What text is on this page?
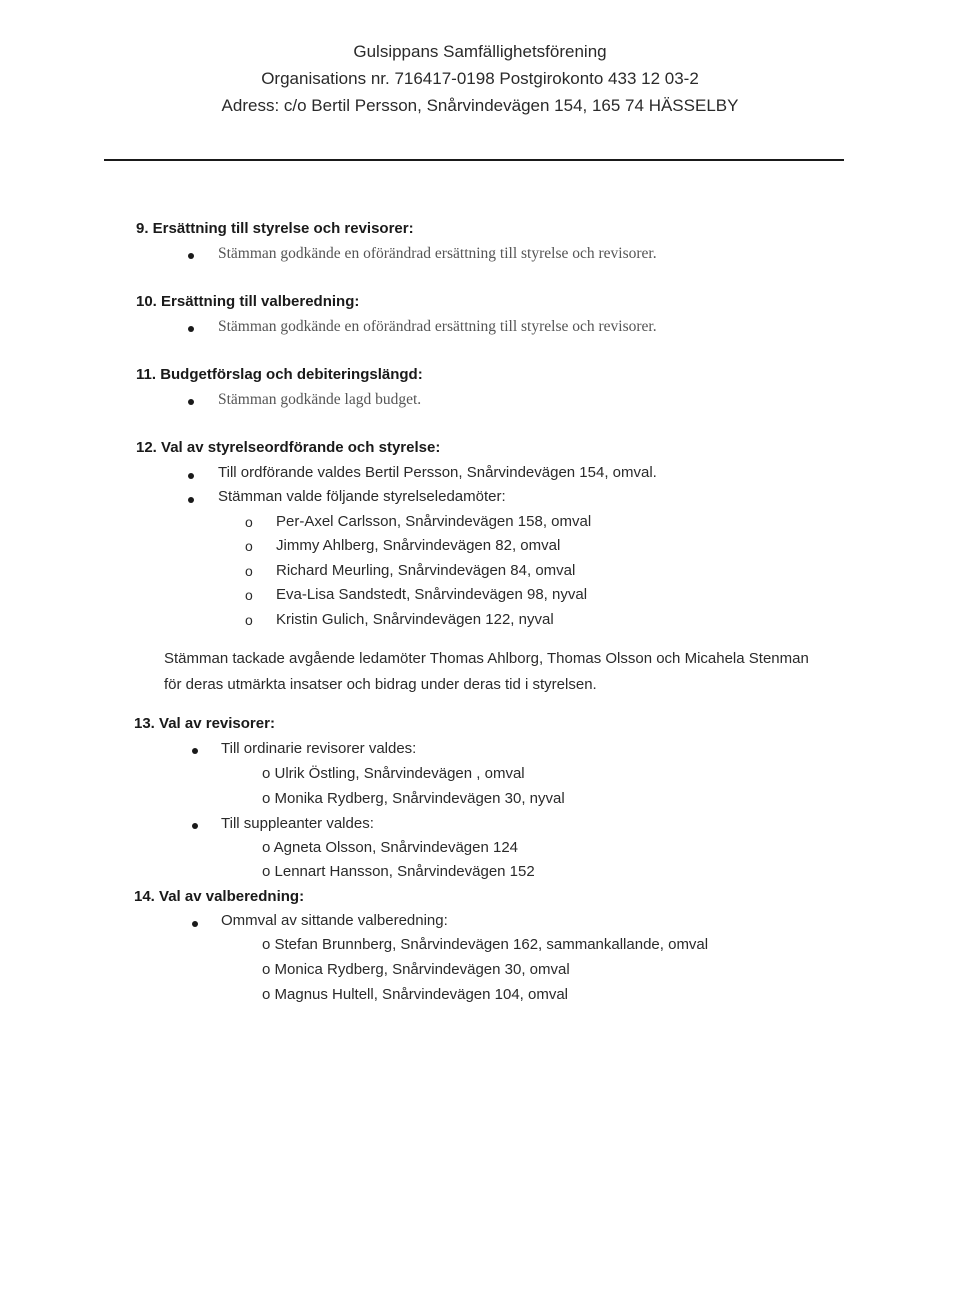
Gulsippans Samfällighetsförening
Organisations nr. 716417-0198 Postgirokonto 433 12 03-2
Adress: c/o Bertil Persson, Snårvindevägen 154, 165 74 HÄSSELBY
9. Ersättning till styrelse och revisorer:
Stämman godkände en oförändrad ersättning till styrelse och revisorer.
10. Ersättning till valberedning:
Stämman godkände en oförändrad ersättning till styrelse och revisorer.
11. Budgetförslag och debiteringslängd:
Stämman godkände lagd budget.
12. Val av styrelseordförande och styrelse:
Till ordförande valdes Bertil Persson, Snårvindevägen 154, omval.
Stämman valde följande styrelseledamöter:
o Per-Axel Carlsson, Snårvindevägen 158, omval
o Jimmy Ahlberg, Snårvindevägen 82, omval
o Richard Meurling, Snårvindevägen 84, omval
o Eva-Lisa Sandstedt, Snårvindevägen 98, nyval
o Kristin Gulich, Snårvindevägen 122, nyval
Stämman tackade avgående ledamöter Thomas Ahlborg, Thomas Olsson och Micahela Stenman
för deras utmärkta insatser och bidrag under deras tid i styrelsen.
13. Val av revisorer:
Till ordinarie revisorer valdes:
o Ulrik Östling, Snårvindevägen , omval
o Monika Rydberg, Snårvindevägen 30, nyval
Till suppleanter valdes:
o Agneta Olsson, Snårvindevägen 124
o Lennart Hansson, Snårvindevägen 152
14. Val av valberedning:
Ommval av sittande valberedning:
o Stefan Brunnberg, Snårvindevägen 162, sammankallande, omval
o Monica Rydberg, Snårvindevägen 30, omval
o Magnus Hultell, Snårvindevägen 104, omval
